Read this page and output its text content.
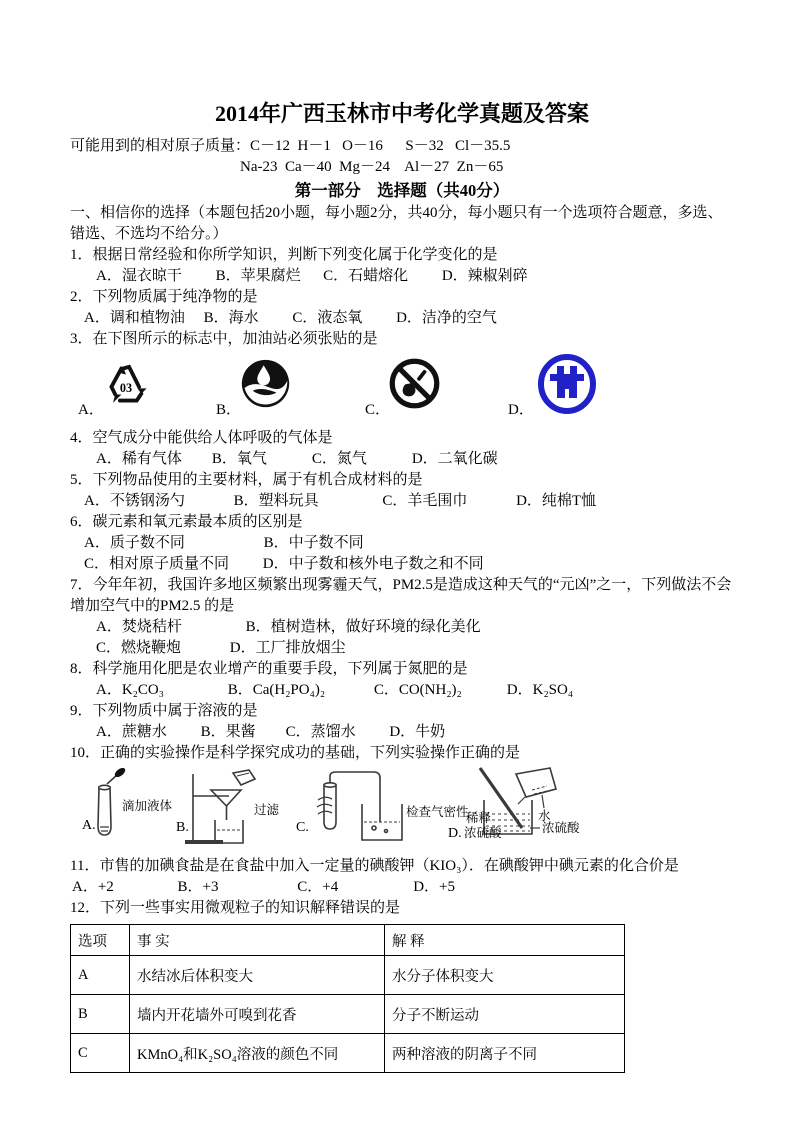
2014年广西玉林市中考化学真题及答案
可能用到的相对原子质量：C－12  H－1   O－16      S－32   Cl－35.5
Na-23  Ca－40  Mg－24    Al－27  Zn－65
第一部分　选择题（共40分）
一、相信你的选择（本题包括20小题，每小题2分，共40分，每小题只有一个选项符合题意，多选、错选、不选均不给分。）
1．根据日常经验和你所学知识，判断下列变化属于化学变化的是
A．湿衣晾干　　 B．苹果腐烂　  C．石蜡熔化　 　D．辣椒剁碎
2．下列物质属于纯净物的是
A．调和植物油　 B．海水　　 C．液态氧　　 D．洁净的空气
3．在下图所示的标志中，加油站必须张贴的是
A．
03
B．	C．	D．
4．空气成分中能供给人体呼吸的气体是
A．稀有气体　　B．氧气　　　C．氮气　　　D．二氧化碳
5．下列物品使用的主要材料，属于有机合成材料的是
A．不锈钢汤勺　　　 B．塑料玩具　　　　 C．羊毛围巾　　　 D．纯棉T恤
6．碳元素和氧元素最本质的区别是
A．质子数不同　　　　　 B．中子数不同
C．相对原子质量不同　　 D．中子数和核外电子数之和不同
7．今年年初，我国许多地区频繁出现雾霾天气，PM2.5是造成这种天气的“元凶”之一，下列做法不会增加空气中的PM2.5 的是
A．焚烧秸杆　　　　 B．植树造林，做好环境的绿化美化
C．燃烧鞭炮　　　 D．工厂排放烟尘
8．科学施用化肥是农业增产的重要手段，下列属于氮肥的是
A．K₂CO₃　　　　 B．Ca(H₂PO₄)₂　　　 C．CO(NH₂)₂　　　D．K₂SO₄
9．下列物质中属于溶液的是
A．蔗糖水　　 B．果酱　　C．蒸馏水　　 D．牛奶
10．正确的实验操作是科学探究成功的基础，下列实验操作正确的是
A.
滴加液体
B.
过滤
C.
检查气密性
D.
稀释
浓硫酸
水
浓硫酸
11．市售的加碘食盐是在食盐中加入一定量的碘酸钾（KIO₃）．在碘酸钾中碘元素的化合价是
A．+2　　　　 B．+3　　　　　 C．+4　　　　　D．+5
12．下列一些事实用微观粒子的知识解释错误的是
选项	事 实	解 释
A	水结冰后体积变大	水分子体积变大
B	墙内开花墙外可嗅到花香	分子不断运动
C	KMnO₄和K₂SO₄溶液的颜色不同	两种溶液的阴离子不同
